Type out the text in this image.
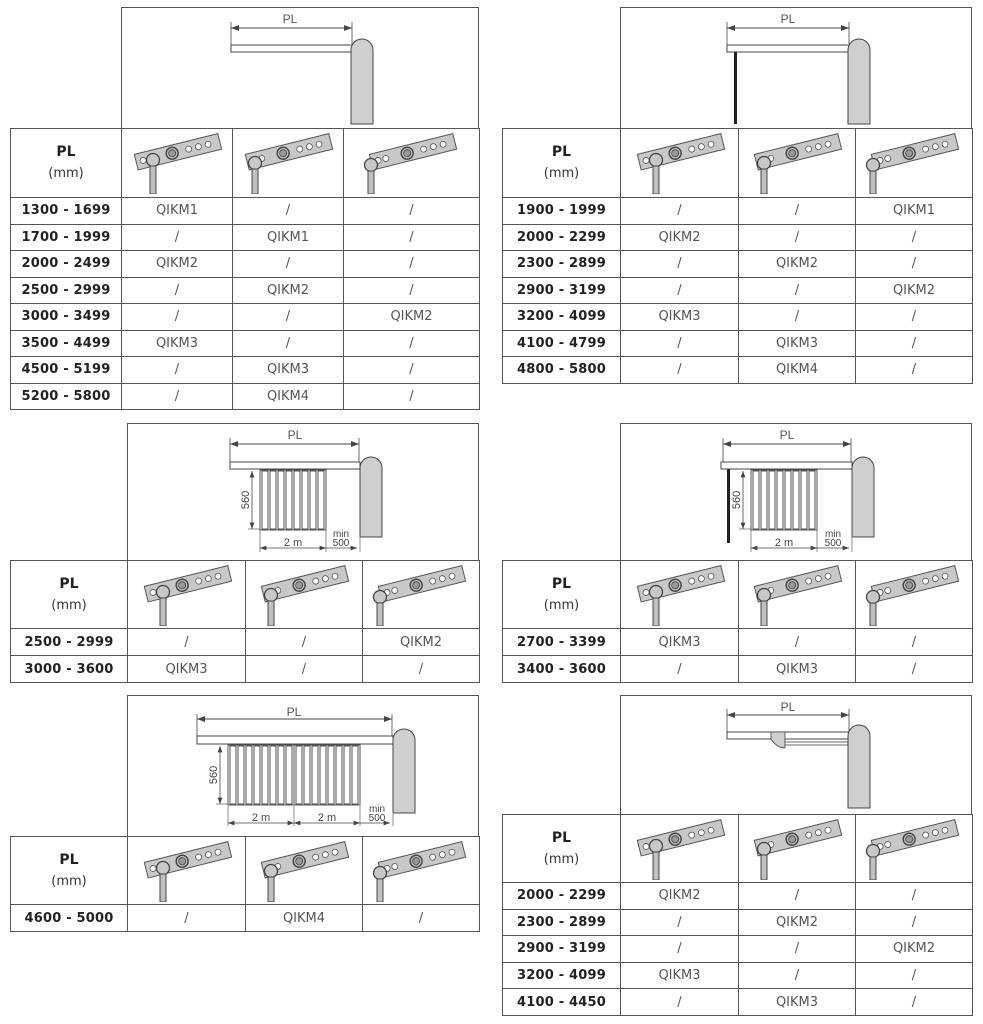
PL
PL
(mm)

1300 - 1699	QIKM1	/	/
1700 - 1999	/	QIKM1	/
2000 - 2499	QIKM2	/	/
2500 - 2999	/	QIKM2	/
3000 - 3499	/	/	QIKM2
3500 - 4499	QIKM3	/	/
4500 - 5199	/	QIKM3	/
5200 - 5800	/	QIKM4	/
PL
PL
(mm)

1900 - 1999	/	/	QIKM1
2000 - 2299	QIKM2	/	/
2300 - 2899	/	QIKM2	/
2900 - 3199	/	/	QIKM2
3200 - 4099	QIKM3	/	/
4100 - 4799	/	QIKM3	/
4800 - 5800	/	QIKM4	/
PL
560
2 m
min
500
PL
(mm)

2500 - 2999	/	/	QIKM2
3000 - 3600	QIKM3	/	/
PL
560
2 m
min
500
PL
(mm)

2700 - 3399	QIKM3	/	/
3400 - 3600	/	QIKM3	/
PL
560
2 m	2 m
min
500
PL
(mm)

4600 - 5000	/	QIKM4	/
PL
PL
(mm)

2000 - 2299	QIKM2	/	/
2300 - 2899	/	QIKM2	/
2900 - 3199	/	/	QIKM2
3200 - 4099	QIKM3	/	/
4100 - 4450	/	QIKM3	/
